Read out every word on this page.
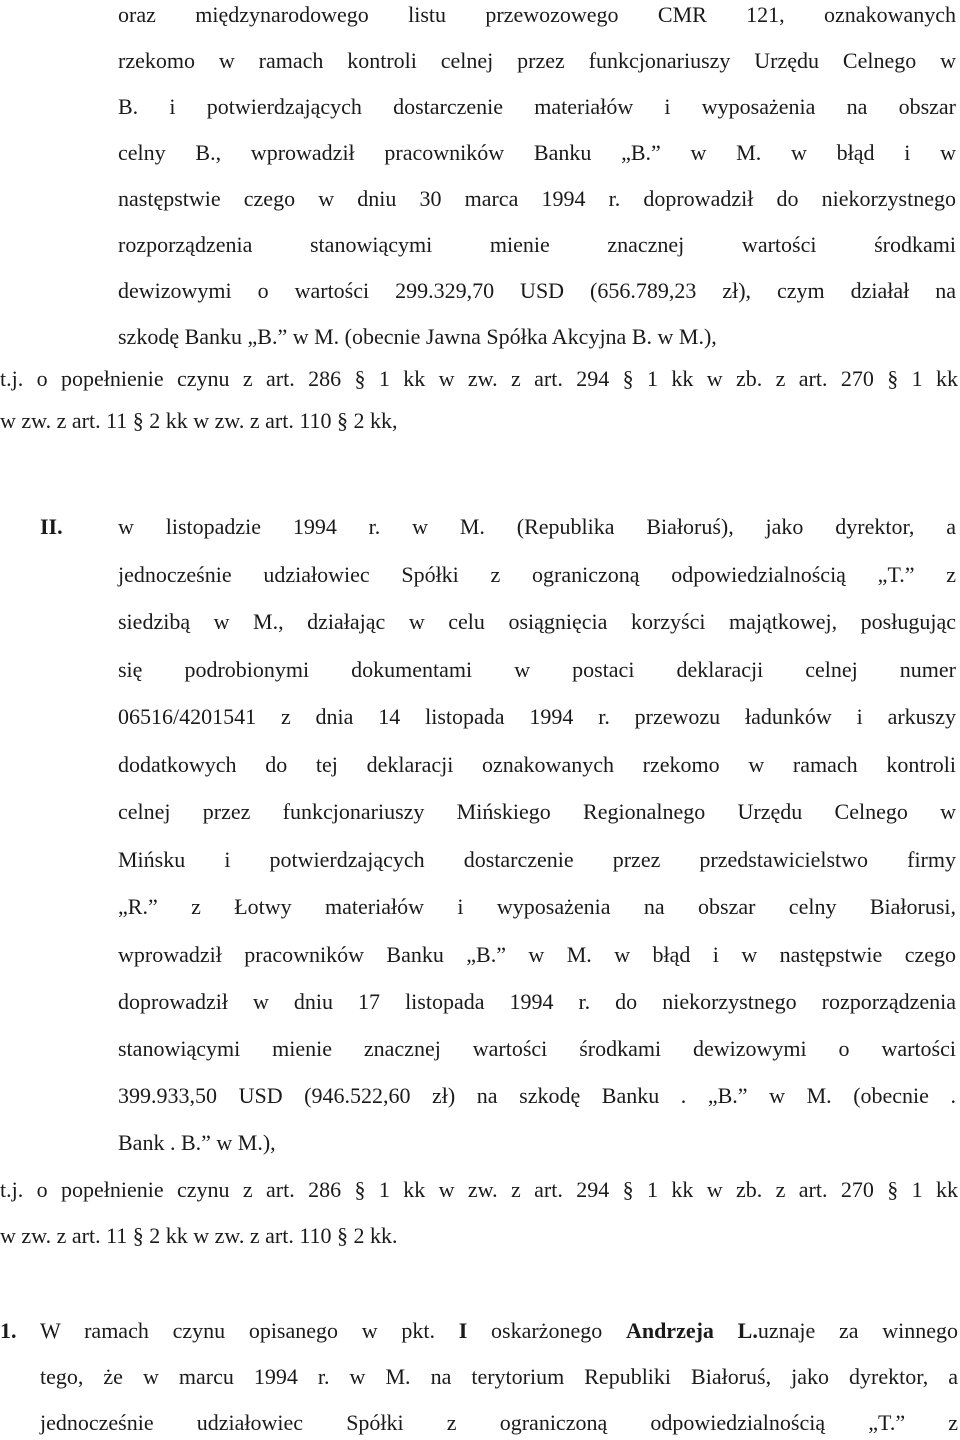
oraz międzynarodowego listu przewozowego CMR 121, oznakowanych
rzekomo w ramach kontroli celnej przez funkcjonariuszy Urzędu Celnego w
B. i potwierdzających dostarczenie materiałów i wyposażenia na obszar
celny B., wprowadził pracowników Banku „B.” w M. w błąd i w
następstwie czego w dniu 30 marca 1994 r. doprowadził do niekorzystnego
rozporządzenia stanowiącymi mienie znacznej wartości środkami
dewizowymi o wartości 299.329,70 USD (656.789,23 zł), czym działał na
szkodę Banku „B.” w M. (obecnie Jawna Spółka Akcyjna B. w M.),
t.j. o popełnienie czynu z art. 286 § 1 kk w zw. z art. 294 § 1 kk w zb. z art. 270 § 1 kk
w zw. z art. 11 § 2 kk w zw. z art. 110 § 2 kk,
II.	w listopadzie 1994 r. w M. (Republika Białoruś), jako dyrektor, a
jednocześnie udziałowiec Spółki z ograniczoną odpowiedzialnością „T.” z
siedzibą w M., działając w celu osiągnięcia korzyści majątkowej, posługując
się podrobionymi dokumentami w postaci deklaracji celnej numer
06516/4201541 z dnia 14 listopada 1994 r. przewozu ładunków i arkuszy
dodatkowych do tej deklaracji oznakowanych rzekomo w ramach kontroli
celnej przez funkcjonariuszy Mińskiego Regionalnego Urzędu Celnego w
Mińsku i potwierdzających dostarczenie przez przedstawicielstwo firmy
„R.” z Łotwy materiałów i wyposażenia na obszar celny Białorusi,
wprowadził pracowników Banku „B.” w M. w błąd i w następstwie czego
doprowadził w dniu 17 listopada 1994 r. do niekorzystnego rozporządzenia
stanowiącymi mienie znacznej wartości środkami dewizowymi o wartości
399.933,50 USD (946.522,60 zł) na szkodę Banku . „B.” w M. (obecnie .
Bank . B.” w M.),
t.j. o popełnienie czynu z art. 286 § 1 kk w zw. z art. 294 § 1 kk w zb. z art. 270 § 1 kk
w zw. z art. 11 § 2 kk w zw. z art. 110 § 2 kk.
1. W ramach czynu opisanego w pkt. I oskarżonego Andrzeja L.uznaje za winnego
tego, że w marcu 1994 r. w M. na terytorium Republiki Białoruś, jako dyrektor, a
jednocześnie udziałowiec Spółki z ograniczoną odpowiedzialnością „T.” z
